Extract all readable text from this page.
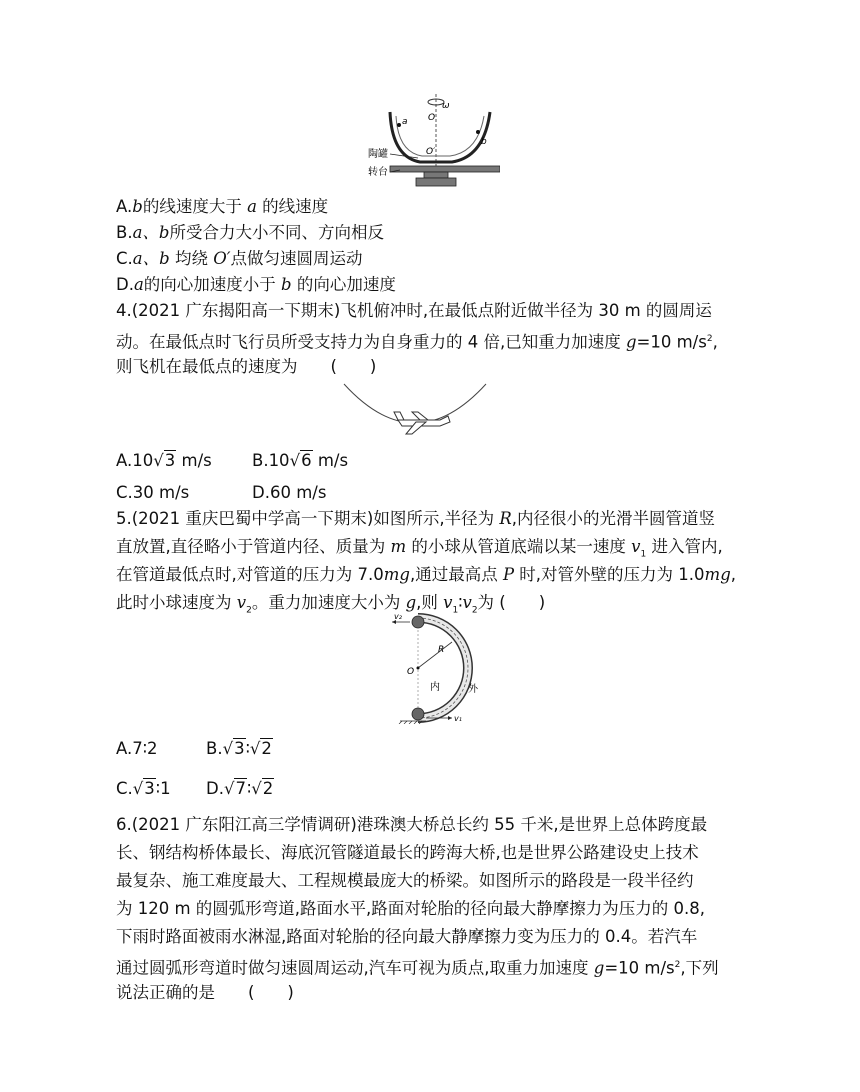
ω
O
O′
a
b
陶罐
转台
A.b的线速度大于 a 的线速度
B.a、b所受合力大小不同、方向相反
C.a、b 均绕 O′点做匀速圆周运动
D.a的向心加速度小于 b 的向心加速度
4.(2021 广东揭阳高一下期末)飞机俯冲时,在最低点附近做半径为 30 m 的圆周运
动。在最低点时飞行员所受支持力为自身重力的 4 倍,已知重力加速度 g=10 $m/s^2$,
则飞机在最低点的速度为　　(　　)
A.10√3 m/s B.10√6 m/s
C.30 m/s	D.60 m/s
5.(2021 重庆巴蜀中学高一下期末)如图所示,半径为 R,内径很小的光滑半圆管道竖
直放置,直径略小于管道内径、质量为 m 的小球从管道底端以某一速度 $v_1$ 进入管内,
在管道最低点时,对管道的压力为 7.0mg,通过最高点 P 时,对管外壁的压力为 1.0mg,
此时小球速度为 $v_2$。重力加速度大小为 g,则 $v_1∶v_2$为 (　　)
O
R
内	外
v₂
v₁
A.7∶2	B.√3∶√2
C.√3∶1 D.√7∶√2
6.(2021 广东阳江高三学情调研)港珠澳大桥总长约 55 千米,是世界上总体跨度最
长、钢结构桥体最长、海底沉管隧道最长的跨海大桥,也是世界公路建设史上技术
最复杂、施工难度最大、工程规模最庞大的桥梁。如图所示的路段是一段半径约
为 120 m 的圆弧形弯道,路面水平,路面对轮胎的径向最大静摩擦力为压力的 0.8,
下雨时路面被雨水淋湿,路面对轮胎的径向最大静摩擦力变为压力的 0.4。若汽车
通过圆弧形弯道时做匀速圆周运动,汽车可视为质点,取重力加速度 g=10 $m/s^2$,下列
说法正确的是　　(　　)
